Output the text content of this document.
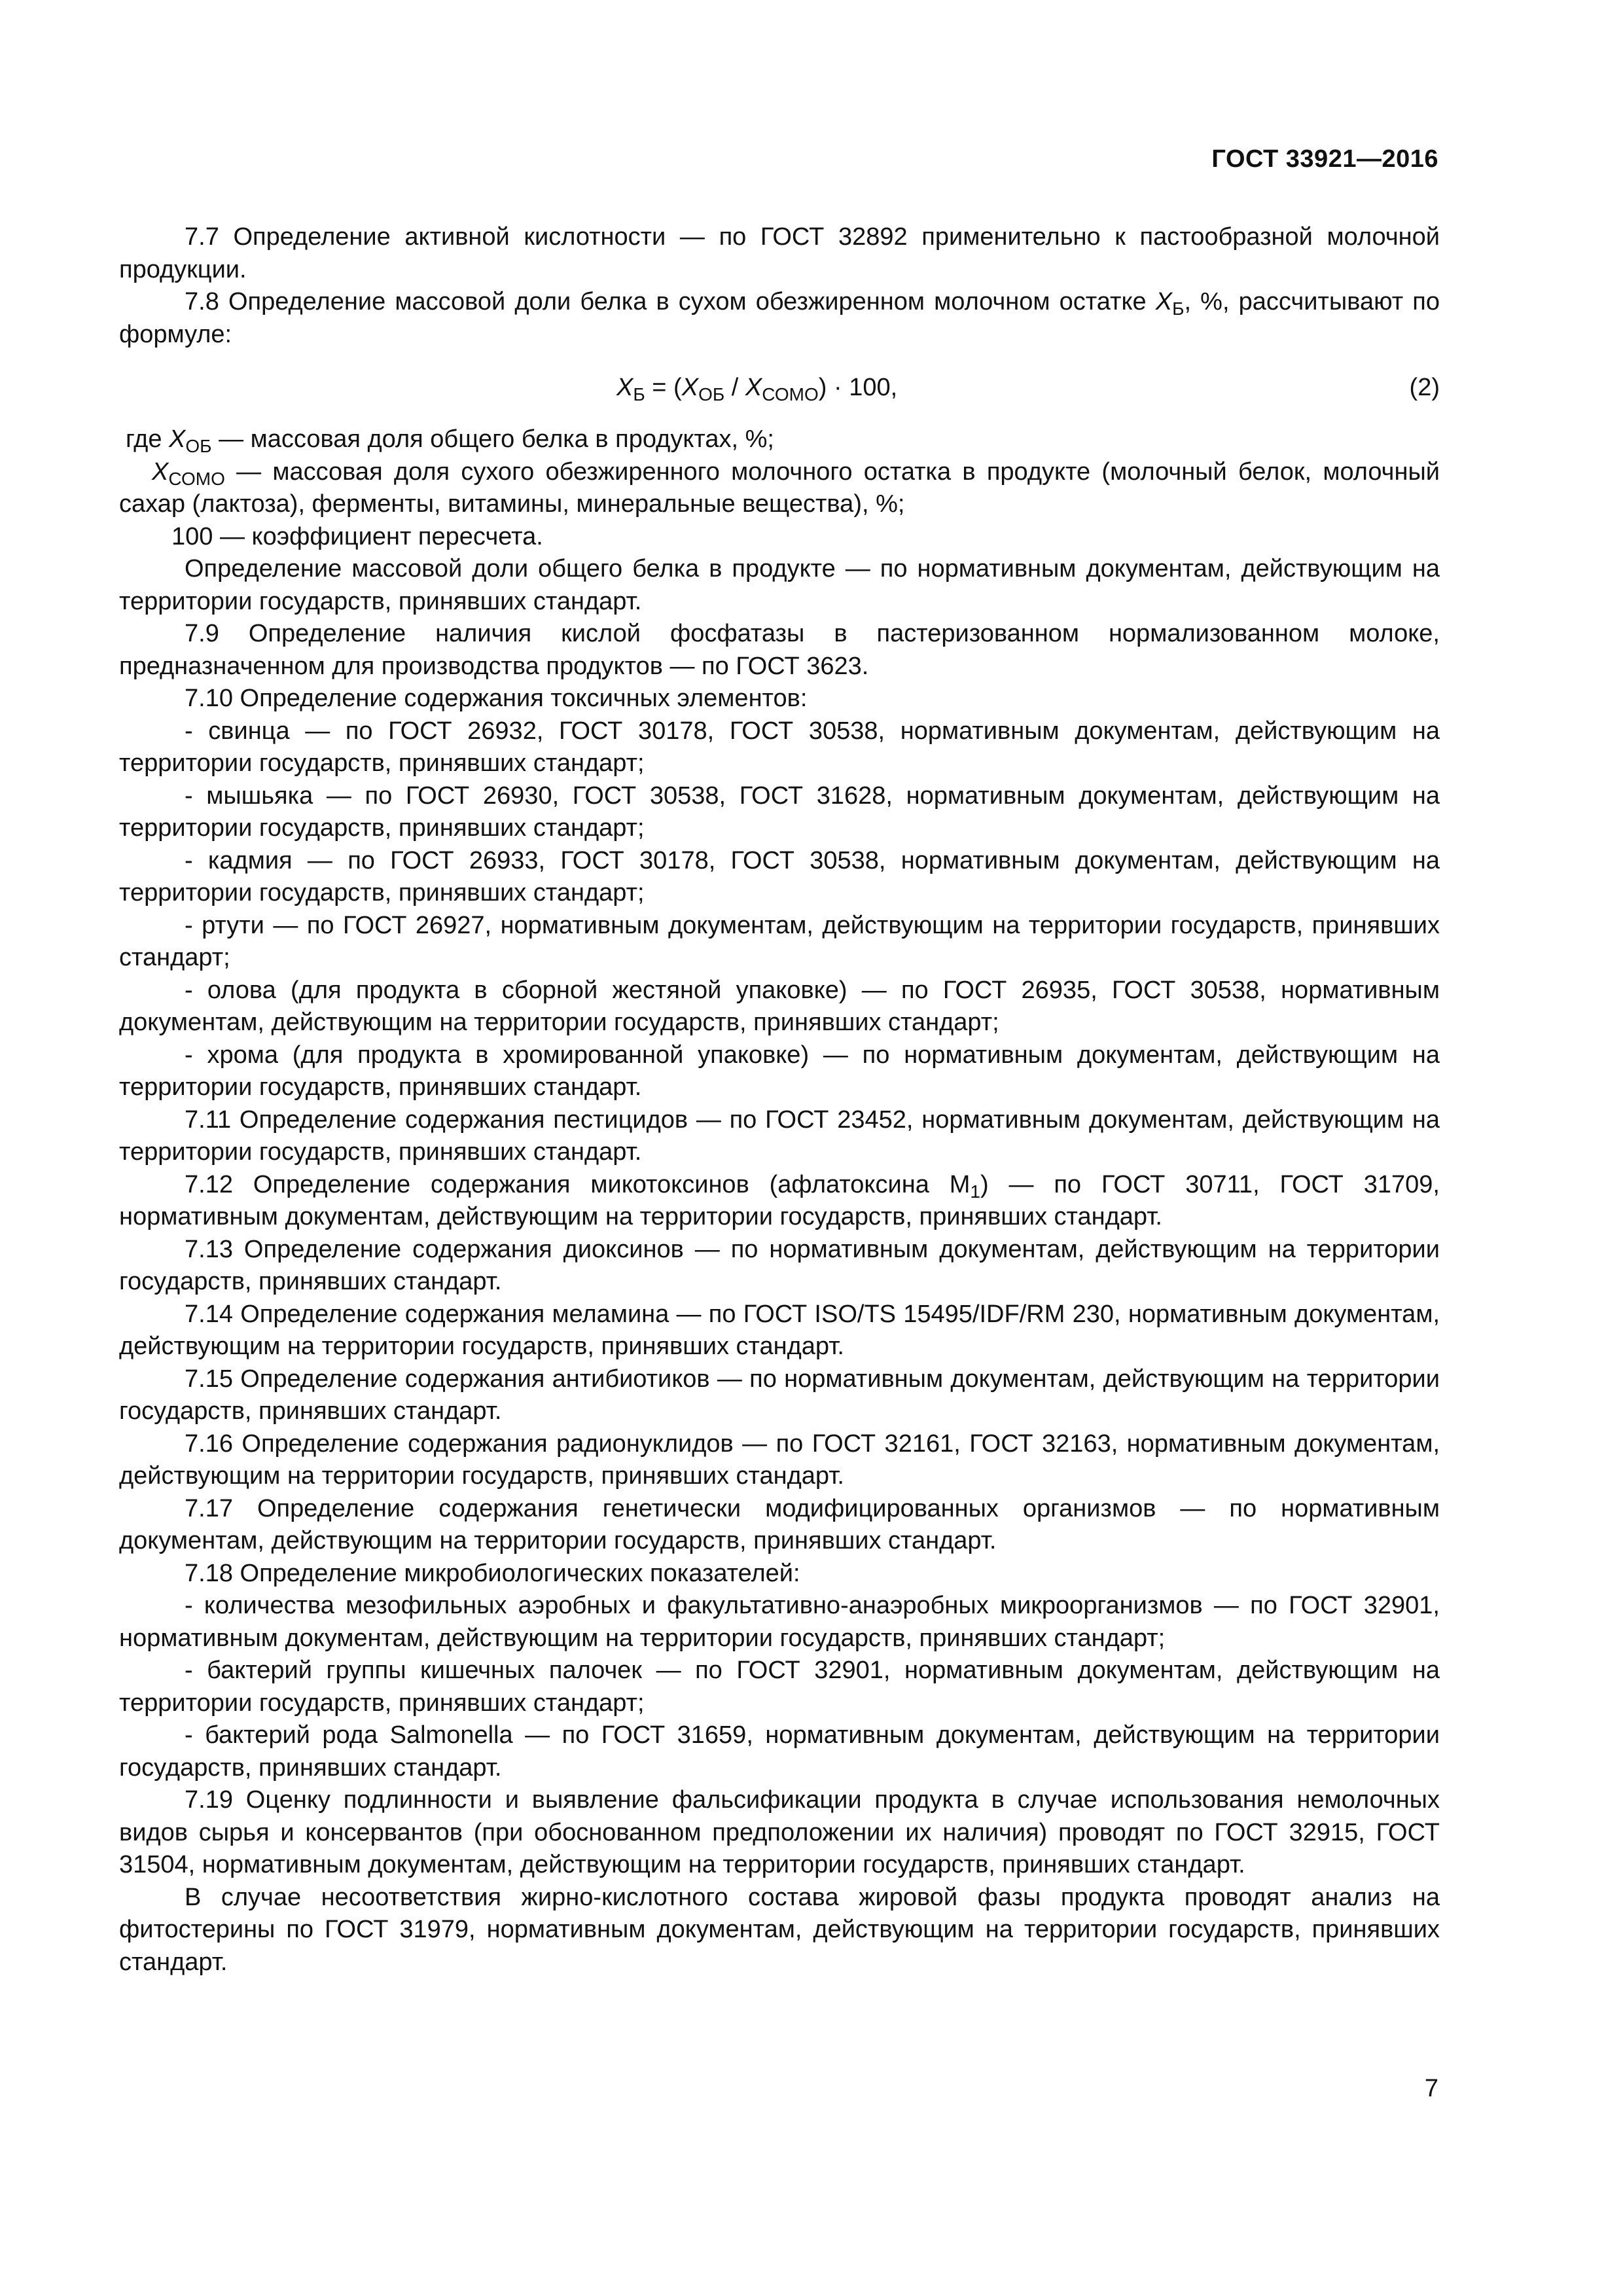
ГОСТ 33921—2016

7.7 Определение активной кислотности — по ГОСТ 32892 применительно к пастообразной молочной продукции.

7.8 Определение массовой доли белка в сухом обезжиренном молочном остатке $X_Б$, %, рассчитывают по формуле:

$X_Б = (X_{ОБ} / X_{СОМО}) \cdot 100$,	(2)

где $X_{ОБ}$ — массовая доля общего белка в продуктах, %;

$X_{СОМО}$ — массовая доля сухого обезжиренного молочного остатка в продукте (молочный белок, молочный сахар (лактоза), ферменты, витамины, минеральные вещества), %;

100 — коэффициент пересчета.

Определение массовой доли общего белка в продукте — по нормативным документам, действующим на территории государств, принявших стандарт.

7.9 Определение наличия кислой фосфатазы в пастеризованном нормализованном молоке, предназначенном для производства продуктов — по ГОСТ 3623.

7.10 Определение содержания токсичных элементов:

- свинца — по ГОСТ 26932, ГОСТ 30178, ГОСТ 30538, нормативным документам, действующим на территории государств, принявших стандарт;

- мышьяка — по ГОСТ 26930, ГОСТ 30538, ГОСТ 31628, нормативным документам, действующим на территории государств, принявших стандарт;

- кадмия — по ГОСТ 26933, ГОСТ 30178, ГОСТ 30538, нормативным документам, действующим на территории государств, принявших стандарт;

- ртути — по ГОСТ 26927, нормативным документам, действующим на территории государств, принявших стандарт;

- олова (для продукта в сборной жестяной упаковке) — по ГОСТ 26935, ГОСТ 30538, нормативным документам, действующим на территории государств, принявших стандарт;

- хрома (для продукта в хромированной упаковке) — по нормативным документам, действующим на территории государств, принявших стандарт.

7.11 Определение содержания пестицидов — по ГОСТ 23452, нормативным документам, действующим на территории государств, принявших стандарт.

7.12 Определение содержания микотоксинов (афлатоксина $М_1$) — по ГОСТ 30711, ГОСТ 31709, нормативным документам, действующим на территории государств, принявших стандарт.

7.13 Определение содержания диоксинов — по нормативным документам, действующим на территории государств, принявших стандарт.

7.14 Определение содержания меламина — по ГОСТ ISO/TS 15495/IDF/RM 230, нормативным документам, действующим на территории государств, принявших стандарт.

7.15 Определение содержания антибиотиков — по нормативным документам, действующим на территории государств, принявших стандарт.

7.16 Определение содержания радионуклидов — по ГОСТ 32161, ГОСТ 32163, нормативным документам, действующим на территории государств, принявших стандарт.

7.17 Определение содержания генетически модифицированных организмов — по нормативным документам, действующим на территории государств, принявших стандарт.

7.18 Определение микробиологических показателей:

- количества мезофильных аэробных и факультативно-анаэробных микроорганизмов — по ГОСТ 32901, нормативным документам, действующим на территории государств, принявших стандарт;

- бактерий группы кишечных палочек — по ГОСТ 32901, нормативным документам, действующим на территории государств, принявших стандарт;

- бактерий рода Salmonella — по ГОСТ 31659, нормативным документам, действующим на территории государств, принявших стандарт.

7.19 Оценку подлинности и выявление фальсификации продукта в случае использования немолочных видов сырья и консервантов (при обоснованном предположении их наличия) проводят по ГОСТ 32915, ГОСТ 31504, нормативным документам, действующим на территории государств, принявших стандарт.

В случае несоответствия жирно-кислотного состава жировой фазы продукта проводят анализ на фитостерины по ГОСТ 31979, нормативным документам, действующим на территории государств, принявших стандарт.

7
